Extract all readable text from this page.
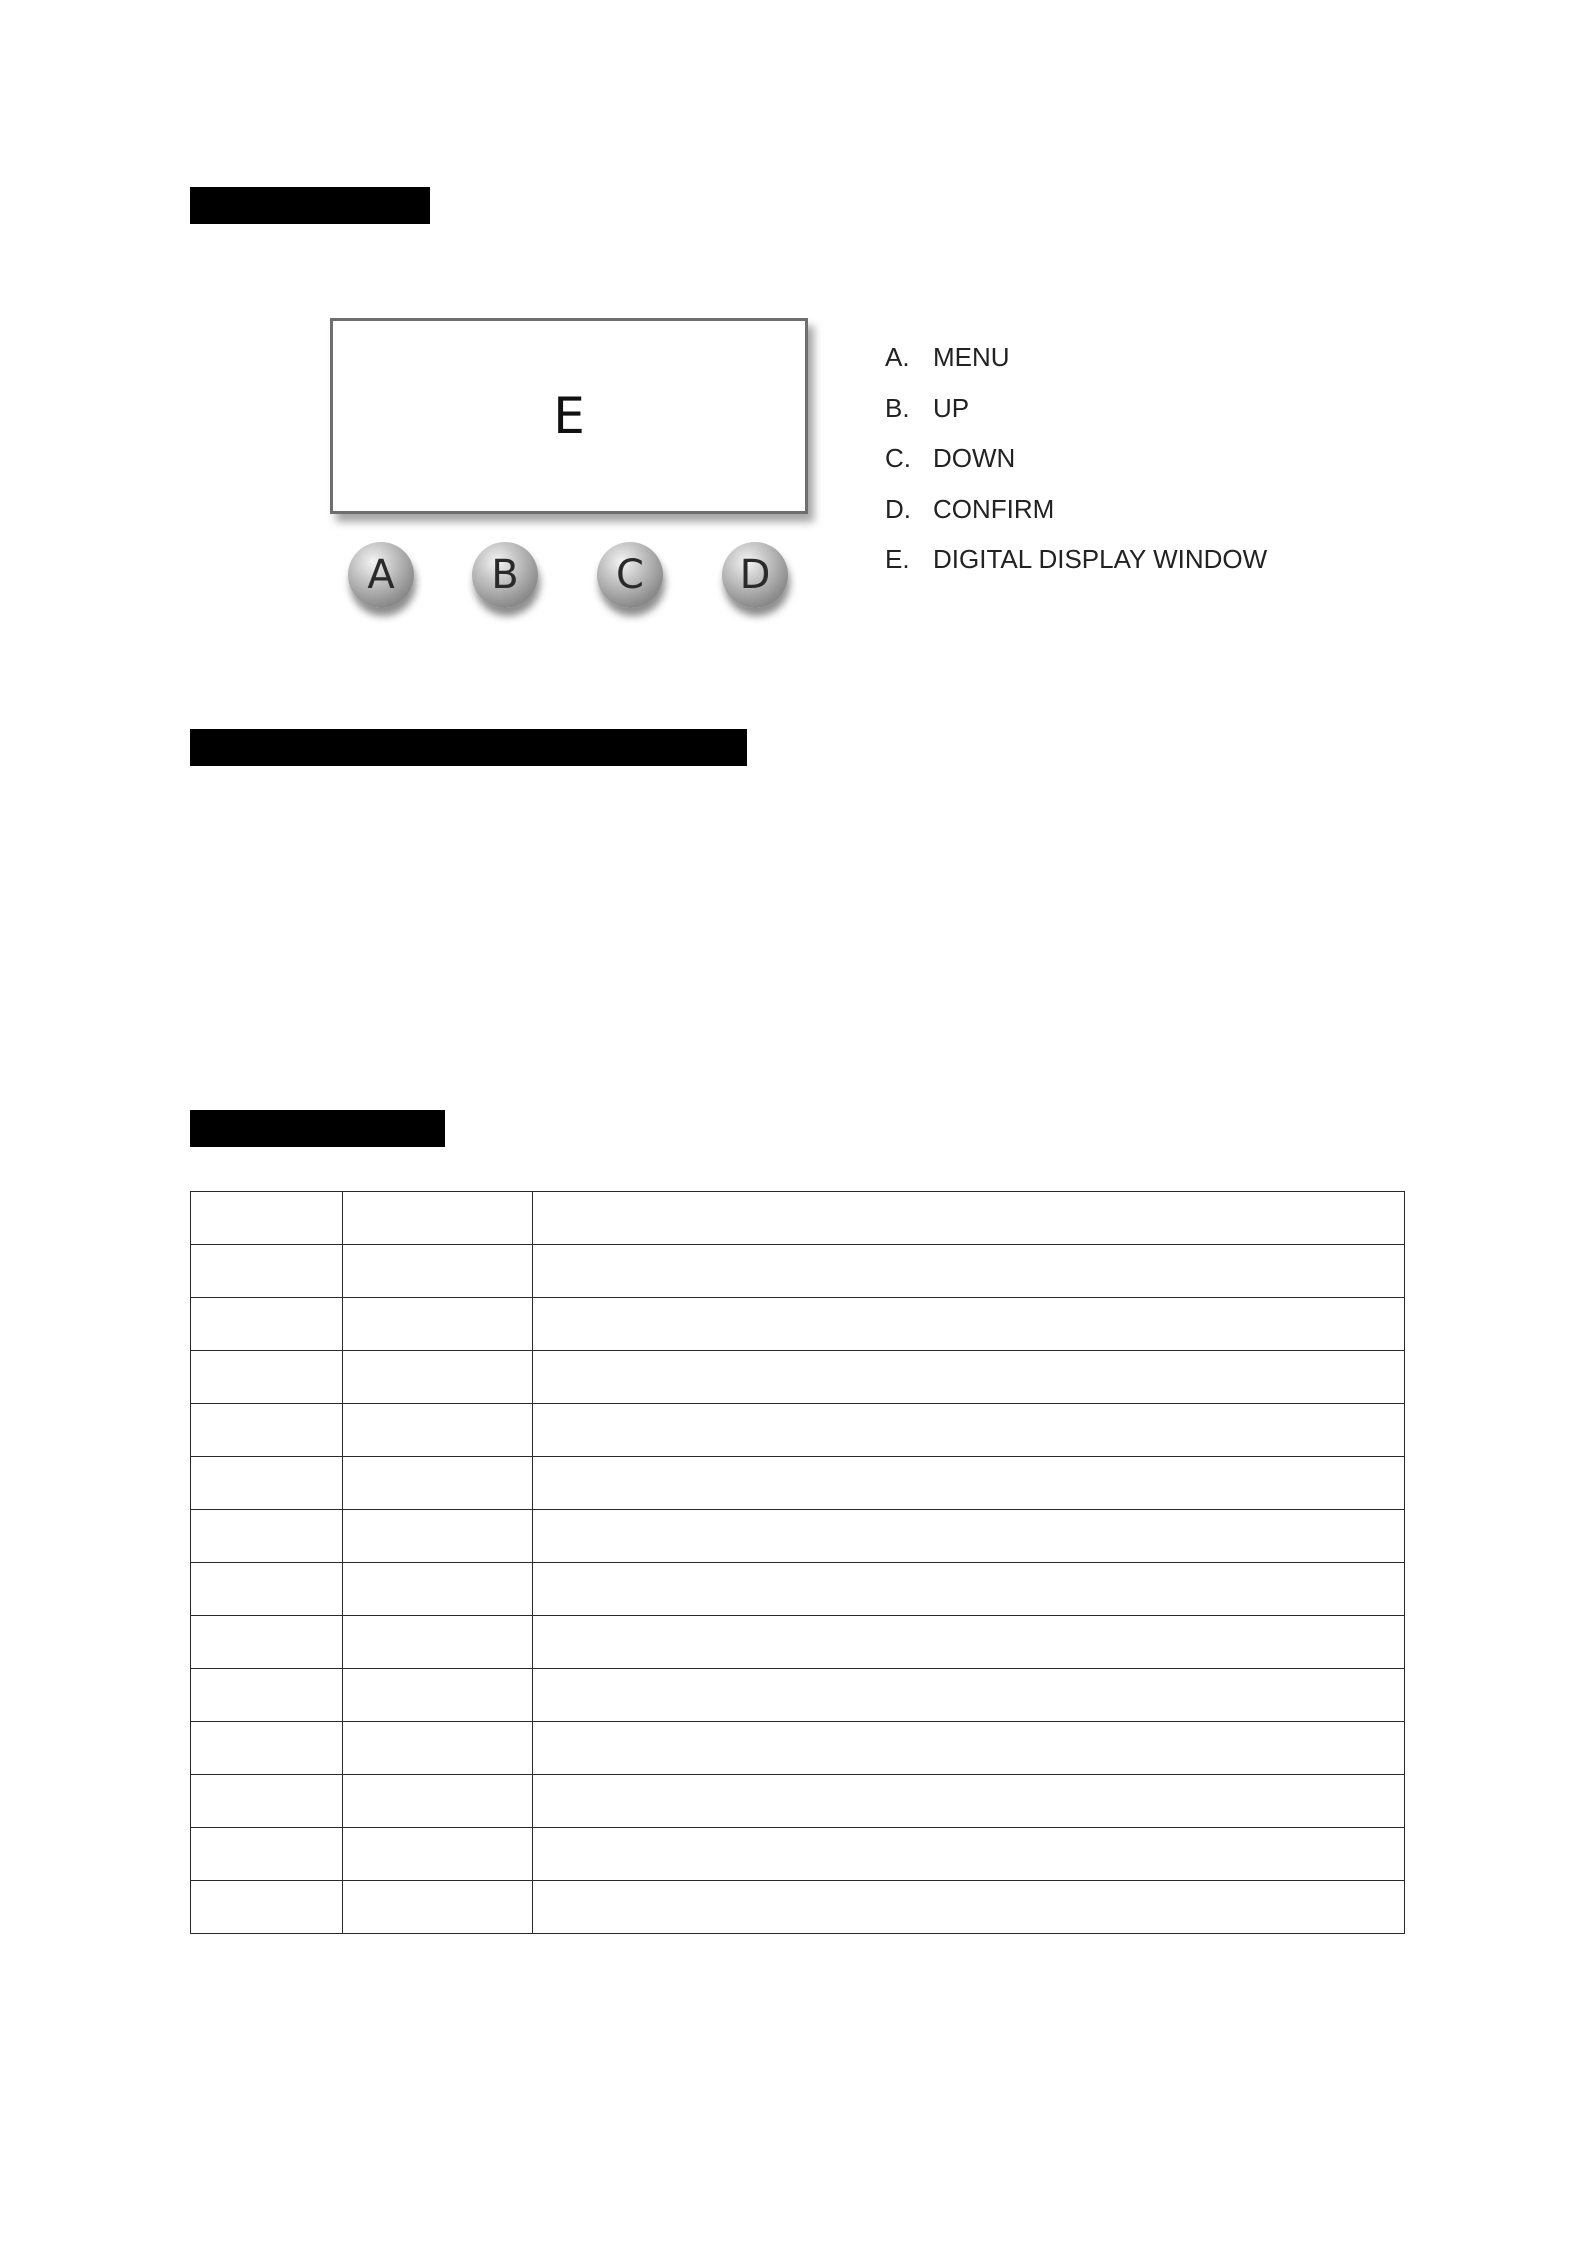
E
A B C D
A. MENU
B. UP
C. DOWN
D. CONFIRM
E. DIGITAL DISPLAY WINDOW
